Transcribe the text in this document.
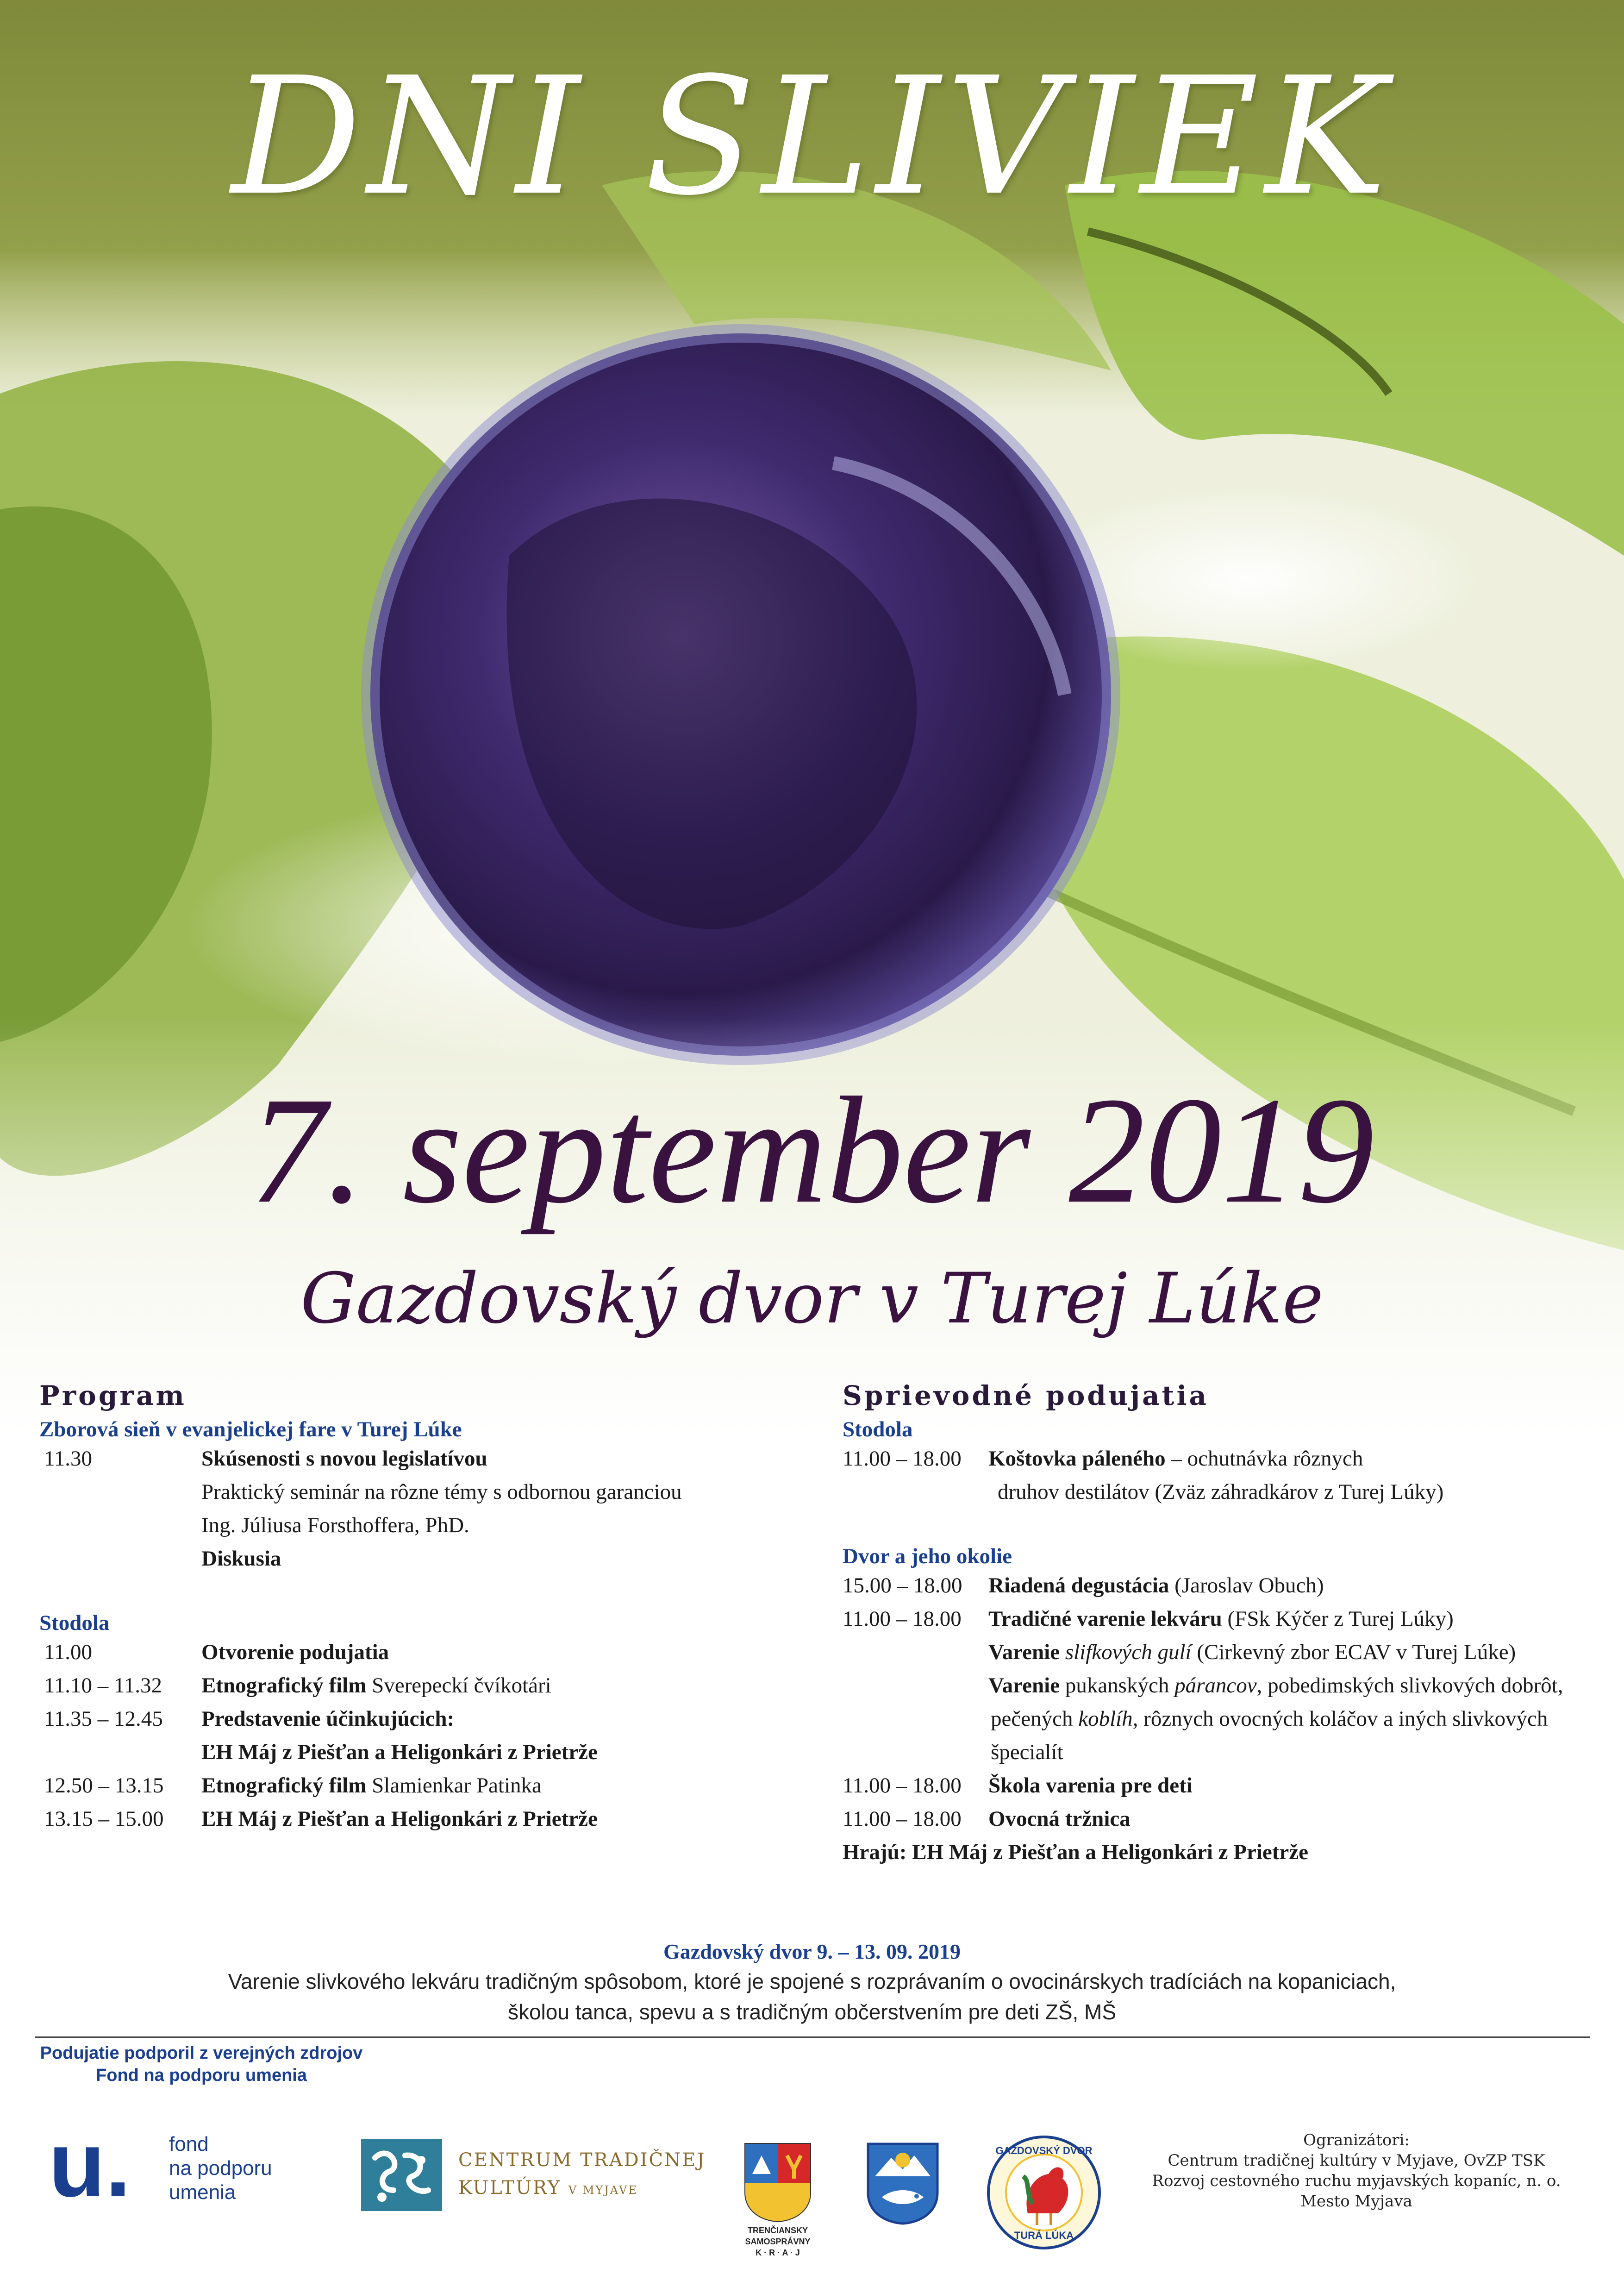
DNI SLIVIEK
7. september 2019
Gazdovský dvor v Turej Lúke
Program
Zborová sieň v evanjelickej fare v Turej Lúke
11.30	Skúsenosti s novou legislatívou
Praktický seminár na rôzne témy s odbornou garanciou
Ing. Júliusa Forsthoffera, PhD.
Diskusia
Stodola
11.00	Otvorenie podujatia
11.10 – 11.32	Etnografický film Sverepeckí čvíkotári
11.35 – 12.45	Predstavenie účinkujúcich:
ĽH Máj z Piešťan a Heligonkári z Prietrže
12.50 – 13.15	Etnografický film Slamienkar Patinka
13.15 – 15.00	ĽH Máj z Piešťan a Heligonkári z Prietrže
Sprievodné podujatia
Stodola
11.00 – 18.00	Koštovka páleného – ochutnávka rôznych
druhov destilátov (Zväz záhradkárov z Turej Lúky)
Dvor a jeho okolie
15.00 – 18.00	Riadená degustácia (Jaroslav Obuch)
11.00 – 18.00	Tradičné varenie lekváru (FSk Kýčer z Turej Lúky)
Varenie slifkových gulí (Cirkevný zbor ECAV v Turej Lúke)
Varenie pukanských párancov, pobedimských slivkových dobrôt,
pečených koblíh, rôznych ovocných koláčov a iných slivkových
špecialít
11.00 – 18.00	Škola varenia pre deti
11.00 – 18.00	Ovocná tržnica
Hrajú: ĽH Máj z Piešťan a Heligonkári z Prietrže
Gazdovský dvor 9. – 13. 09. 2019
Varenie slivkového lekváru tradičným spôsobom, ktoré je spojené s rozprávaním o ovocinárskych tradíciách na kopaniciach,
školou tanca, spevu a s tradičným občerstvením pre deti ZŠ, MŠ
Podujatie podporil z verejných zdrojov
Fond na podporu umenia
u. fond
na podporu
umenia
CENTRUM TRADIČNEJ
KULTÚRY V MYJAVE
TRENČIANSKY
SAMOSPRÁVNY
K · R · A · J
GAZDOVSKÝ DVOR
TURÁ LÚKA
Ogranizátori:
Centrum tradičnej kultúry v Myjave, OvZP TSK
Rozvoj cestovného ruchu myjavských kopaníc, n. o.
Mesto Myjava
